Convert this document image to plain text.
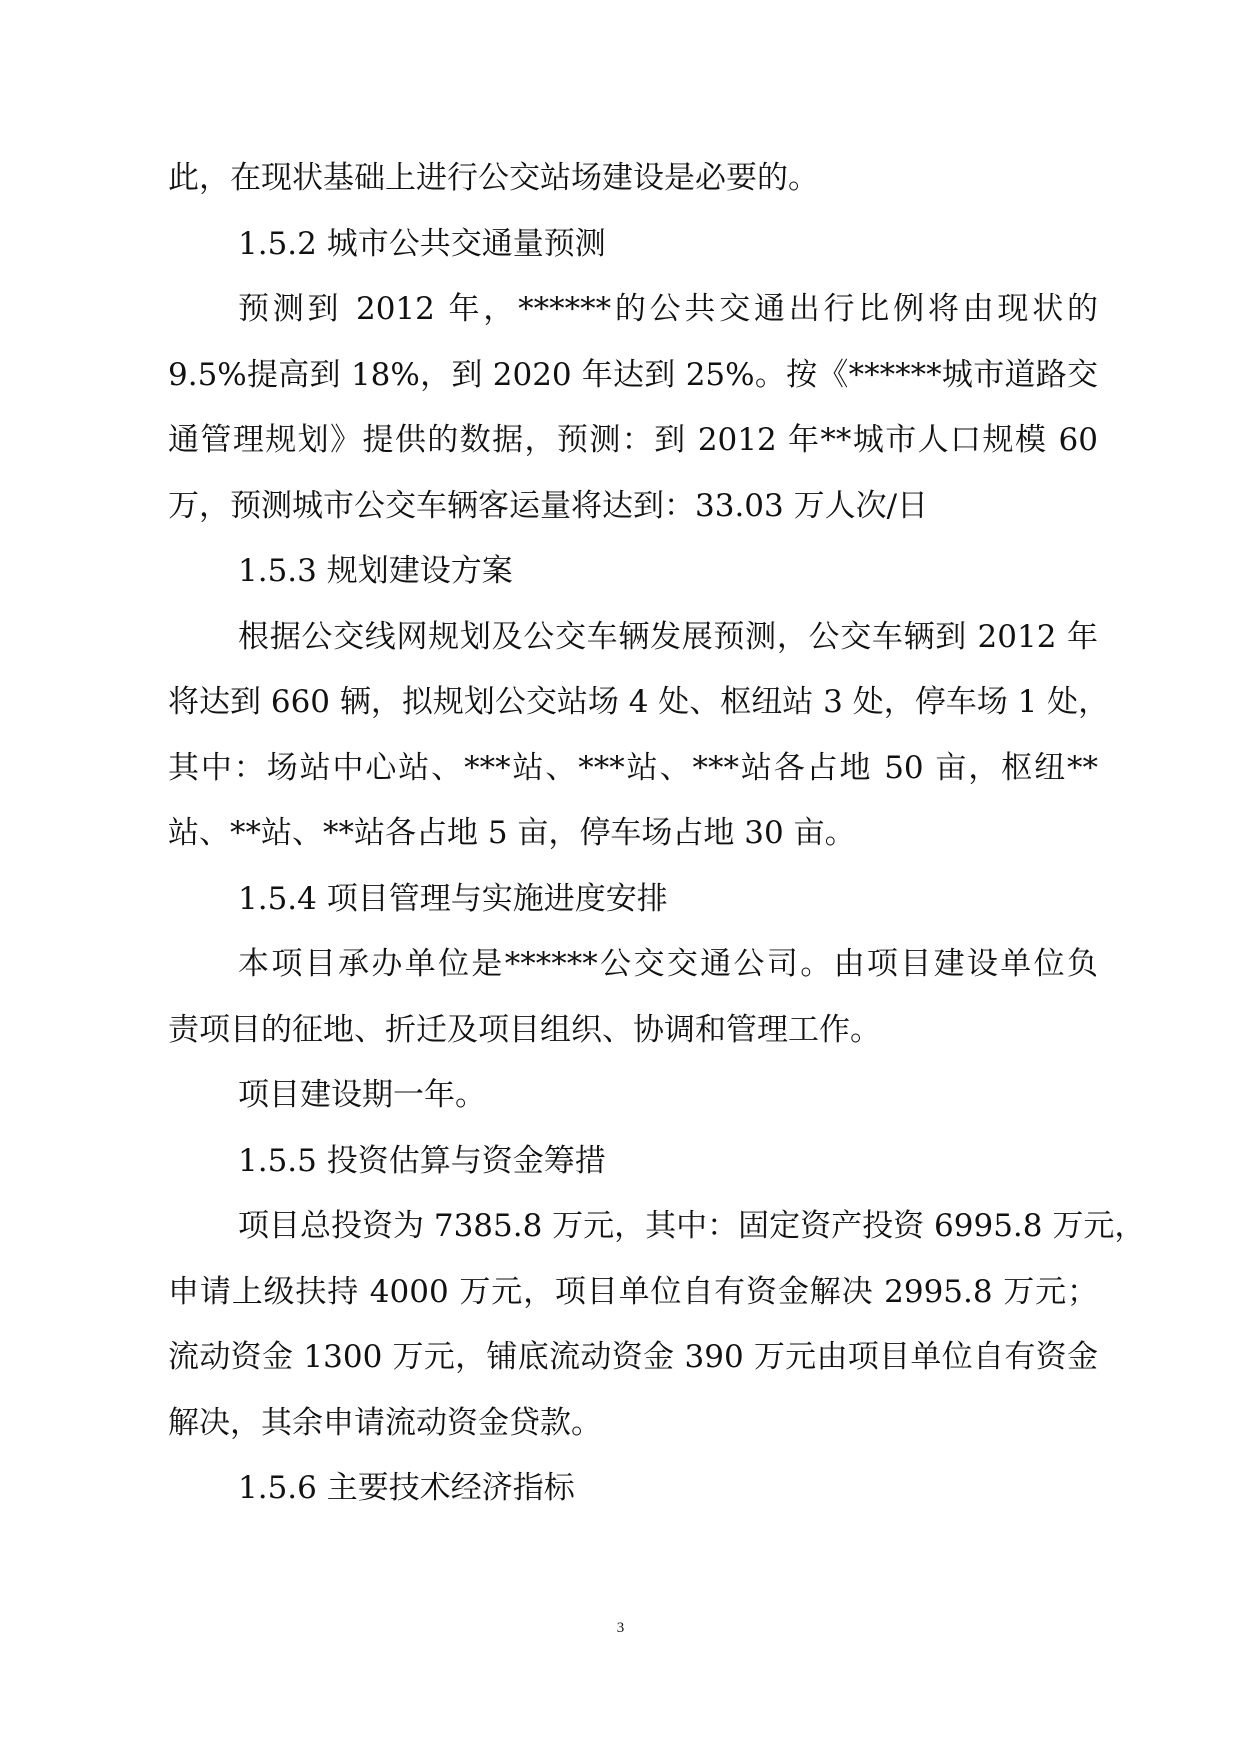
此，在现状基础上进行公交站场建设是必要的。
1.5.2 城市公共交通量预测
预测到 2012 年，******的公共交通出行比例将由现状的
9.5%提高到 18%，到 2020 年达到 25%。按《******城市道路交
通管理规划》提供的数据，预测：到 2012 年**城市人口规模 60
万，预测城市公交车辆客运量将达到：33.03 万人次/日
1.5.3 规划建设方案
根据公交线网规划及公交车辆发展预测，公交车辆到 2012 年
将达到 660 辆，拟规划公交站场 4 处、枢纽站 3 处，停车场 1 处，
其中：场站中心站、***站、***站、***站各占地 50 亩，枢纽**
站、**站、**站各占地 5 亩，停车场占地 30 亩。
1.5.4 项目管理与实施进度安排
本项目承办单位是******公交交通公司。由项目建设单位负
责项目的征地、折迁及项目组织、协调和管理工作。
项目建设期一年。
1.5.5 投资估算与资金筹措
项目总投资为 7385.8 万元，其中：固定资产投资 6995.8 万元，
申请上级扶持 4000 万元，项目单位自有资金解决 2995.8 万元；
流动资金 1300 万元，铺底流动资金 390 万元由项目单位自有资金
解决，其余申请流动资金贷款。
1.5.6 主要技术经济指标
3
